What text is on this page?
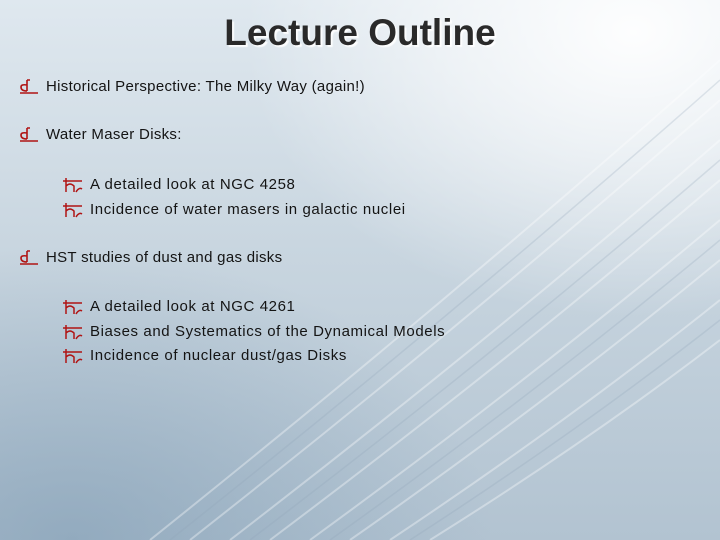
Lecture Outline
Historical Perspective: The Milky Way (again!)
Water Maser Disks:
A detailed look at NGC 4258
Incidence of water masers in galactic nuclei
HST studies of dust and gas disks
A detailed look at NGC 4261
Biases and Systematics of the Dynamical Models
Incidence of nuclear dust/gas Disks
